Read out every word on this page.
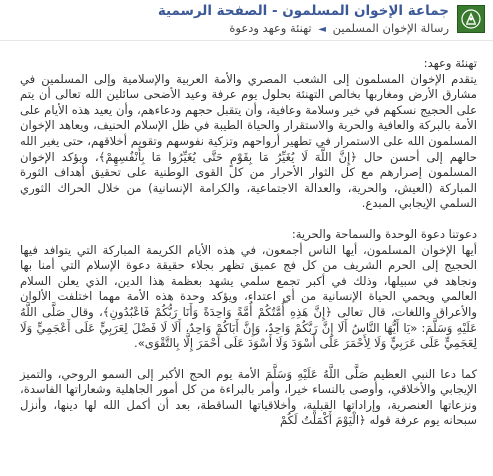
جماعة الإخوان المسلمون - الصفحة الرسمية
رسالة الإخوان المسلمين ◄ تهنئة وعهد ودعوة

تهنئة وعهد:

يتقدم الإخوان المسلمون إلى الشعب المصري والأمة العربية والإسلامية وإلى المسلمين في مشارق الأرض ومغاربها بخالص التهنئة بحلول يوم عرفة وعيد الأضحى سائلين الله تعالى أن يتم على الحجيج نسكهم في خير وسلامة وعافية، وأن يتقبل حجهم ودعاءهم، وأن يعيد هذه الأيام على الأمة بالبركة والعافية والحرية والاستقرار والحياة الطيبة في ظل الإسلام الحنيف، ويعاهد الإخوان المسلمون الله على الاستمرار في تطهير أرواحهم وتزكية نفوسهم وتقويم أخلاقهم، حتى يغير الله حالهم إلى أحسن حال ﴿إِنَّ اللَّهَ لَا يُغَيِّرُ مَا بِقَوْمٍ حَتَّى يُغَيِّرُوا مَا بِأَنْفُسِهِمْ﴾، ويؤكد الإخوان المسلمون إصرارهم مع كل الثوار الأحرار من كل القوى الوطنية على تحقيق أهداف الثورة المباركة (العيش، والحرية، والعدالة الاجتماعية، والكرامة الإنسانية) من خلال الحراك الثوري السلمي الإيجابي المبدع.

دعوتنا دعوة الوحدة والسماحة والحرية:

أيها الإخوان المسلمون، أيها الناس أجمعون، في هذه الأيام الكريمة المباركة التي يتوافد فيها الحجيج إلى الحرم الشريف من كل فج عميق تظهر بجلاء حقيقة دعوة الإسلام التي أمنا بها ونجاهد في سبيلها، وذلك في أكبر تجمع سلمي يشهد بعظمة هذا الدين، الذي يعلن السلام العالمي ويحمي الحياة الإنسانية من أي اعتداء، ويؤكد وحدة هذه الأمة مهما اختلفت الألوان والأعراق واللغات، قال تعالى ﴿إِنَّ هَذِهِ أُمَّتُكُمْ أُمَّةً وَاحِدَةً وَأَنَا رَبُّكُمْ فَاعْبُدُونِ﴾، وقال صَلَّى اللَّهُ عَلَيْهِ وَسَلَّمَ: «يَا أَيُّهَا النَّاسُ أَلَا إِنَّ رَبَّكُمْ وَاحِدٌ، وَإِنَّ أَبَاكُمْ وَاحِدٌ، أَلَا لَا فَضْلَ لِعَرَبِيٍّ عَلَى أَعْجَمِيٍّ وَلَا لِعَجَمِيٍّ عَلَى عَرَبِيٍّ وَلَا لِأَحْمَرَ عَلَى أَسْوَدَ وَلَا أَسْوَدَ عَلَى أَحْمَرَ إِلَّا بِالتَّقْوَى».

كما دعا النبي العظيم صَلَّى اللَّهُ عَلَيْهِ وَسَلَّمَ الأمة يوم الحج الأكبر إلى السمو الروحي، والتميز الإيجابي والأخلاقي، وأوصى بالنساء خيرا، وأمر بالبراءة من كل أمور الجاهلية وشعاراتها الفاسدة، ونزعاتها العنصرية، وإراداتها القبلية، وأخلاقياتها الساقطة، بعد أن أكمل الله لها دينها، وأنزل سبحانه يوم عرفة قوله ﴿الْيَوْمَ أَكْمَلْتُ لَكُمْ
